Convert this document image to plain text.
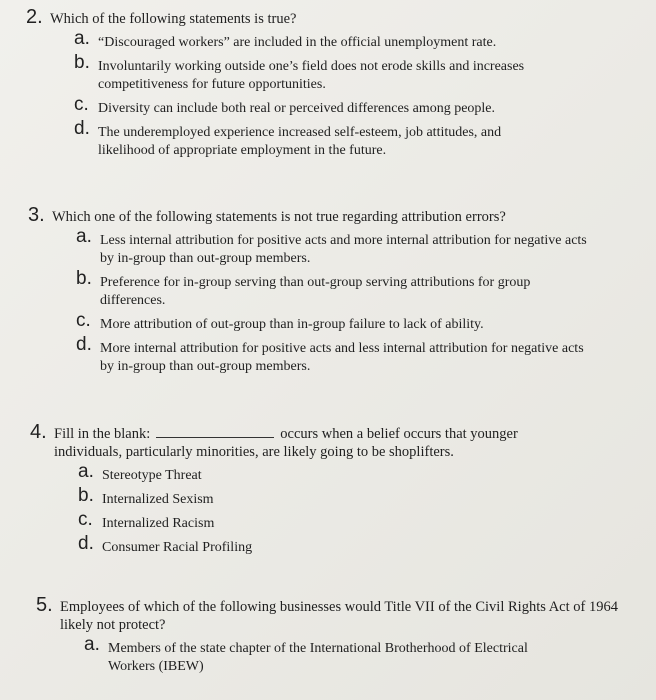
2. Which of the following statements is true?
a. “Discouraged workers” are included in the official unemployment rate.
b. Involuntarily working outside one’s field does not erode skills and increases competitiveness for future opportunities.
c. Diversity can include both real or perceived differences among people.
d. The underemployed experience increased self-esteem, job attitudes, and likelihood of appropriate employment in the future.
3. Which one of the following statements is not true regarding attribution errors?
a. Less internal attribution for positive acts and more internal attribution for negative acts by in-group than out-group members.
b. Preference for in-group serving than out-group serving attributions for group differences.
c. More attribution of out-group than in-group failure to lack of ability.
d. More internal attribution for positive acts and less internal attribution for negative acts by in-group than out-group members.
4. Fill in the blank:	occurs when a belief occurs that younger individuals, particularly minorities, are likely going to be shoplifters.
a. Stereotype Threat
b. Internalized Sexism
c. Internalized Racism
d. Consumer Racial Profiling
5. Employees of which of the following businesses would Title VII of the Civil Rights Act of 1964 likely not protect?
a. Members of the state chapter of the International Brotherhood of Electrical Workers (IBEW)
